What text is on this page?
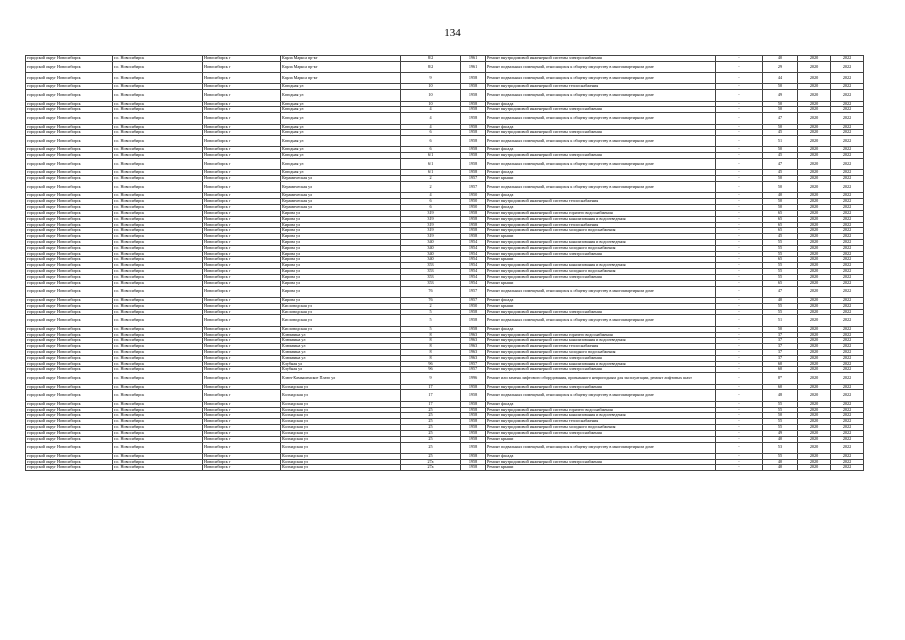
134
городской округ Новосибирск	г.о. Новосибирск	Новосибирск г	Карла Маркса пр-кт	8/2	1961	Ремонт внутридомовой инженерной системы электроснабжения	-	40	2020	2022
городской округ Новосибирск	г.о. Новосибирск	Новосибирск г	Карла Маркса пр-кт	8/2	1961	Ремонт подвальных помещений, относящихся к общему имуществу в многоквартирном доме	-	29	2020	2022
городской округ Новосибирск	г.о. Новосибирск	Новосибирск г	Карла Маркса пр-кт	9	1958	Ремонт подвальных помещений, относящихся к общему имуществу в многоквартирном доме	-	44	2020	2022
городской округ Новосибирск	г.о. Новосибирск	Новосибирск г	Катодная ул	10	1958	Ремонт внутридомовой инженерной системы теплоснабжения	-	50	2020	2022
городской округ Новосибирск	г.о. Новосибирск	Новосибирск г	Катодная ул	10	1958	Ремонт подвальных помещений, относящихся к общему имуществу в многоквартирном доме	-	49	2020	2022
городской округ Новосибирск	г.о. Новосибирск	Новосибирск г	Катодная ул	10	1958	Ремонт фасада	-	50	2020	2022
городской округ Новосибирск	г.о. Новосибирск	Новосибирск г	Катодная ул	4	1958	Ремонт внутридомовой инженерной системы электроснабжения	-	50	2020	2022
городской округ Новосибирск	г.о. Новосибирск	Новосибирск г	Катодная ул	4	1958	Ремонт подвальных помещений, относящихся к общему имуществу в многоквартирном доме	-	47	2020	2022
городской округ Новосибирск	г.о. Новосибирск	Новосибирск г	Катодная ул	4	1958	Ремонт фасада	-	50	2020	2022
городской округ Новосибирск	г.о. Новосибирск	Новосибирск г	Катодная ул	6	1958	Ремонт внутридомовой инженерной системы электроснабжения	-	45	2020	2022
городской округ Новосибирск	г.о. Новосибирск	Новосибирск г	Катодная ул	6	1958	Ремонт подвальных помещений, относящихся к общему имуществу в многоквартирном доме	-	51	2020	2022
городской округ Новосибирск	г.о. Новосибирск	Новосибирск г	Катодная ул	6	1958	Ремонт фасада	-	50	2020	2022
городской округ Новосибирск	г.о. Новосибирск	Новосибирск г	Катодная ул	6/1	1958	Ремонт внутридомовой инженерной системы электроснабжения	-	45	2020	2022
городской округ Новосибирск	г.о. Новосибирск	Новосибирск г	Катодная ул	6/1	1958	Ремонт подвальных помещений, относящихся к общему имуществу в многоквартирном доме	-	47	2020	2022
городской округ Новосибирск	г.о. Новосибирск	Новосибирск г	Катодная ул	6/1	1958	Ремонт фасада	-	45	2020	2022
городской округ Новосибирск	г.о. Новосибирск	Новосибирск г	Керамическая ул	2	1957	Ремонт крыши	-	50	2020	2022
городской округ Новосибирск	г.о. Новосибирск	Новосибирск г	Керамическая ул	2	1957	Ремонт подвальных помещений, относящихся к общему имуществу в многоквартирном доме	-	50	2020	2022
городской округ Новосибирск	г.о. Новосибирск	Новосибирск г	Керамическая ул	4	1950	Ремонт фасада	-	40	2020	2022
городской округ Новосибирск	г.о. Новосибирск	Новосибирск г	Керамическая ул	6	1950	Ремонт внутридомовой инженерной системы теплоснабжения	-	50	2020	2022
городской округ Новосибирск	г.о. Новосибирск	Новосибирск г	Керамическая ул	6	1950	Ремонт фасада	-	50	2020	2022
городской округ Новосибирск	г.о. Новосибирск	Новосибирск г	Кирова ул	319	1958	Ремонт внутридомовой инженерной системы горячего водоснабжения	-	65	2020	2022
городской округ Новосибирск	г.о. Новосибирск	Новосибирск г	Кирова ул	319	1958	Ремонт внутридомовой инженерной системы канализования и водоотведения	-	65	2020	2022
городской округ Новосибирск	г.о. Новосибирск	Новосибирск г	Кирова ул	319	1958	Ремонт внутридомовой инженерной системы теплоснабжения	-	65	2020	2022
городской округ Новосибирск	г.о. Новосибирск	Новосибирск г	Кирова ул	319	1958	Ремонт внутридомовой инженерной системы холодного водоснабжения	-	65	2020	2022
городской округ Новосибирск	г.о. Новосибирск	Новосибирск г	Кирова ул	319	1958	Ремонт крыши	-	45	2020	2022
городской округ Новосибирск	г.о. Новосибирск	Новосибирск г	Кирова ул	340	1954	Ремонт внутридомовой инженерной системы канализования и водоотведения	-	55	2020	2022
городской округ Новосибирск	г.о. Новосибирск	Новосибирск г	Кирова ул	340	1954	Ремонт внутридомовой инженерной системы холодного водоснабжения	-	55	2020	2022
городской округ Новосибирск	г.о. Новосибирск	Новосибирск г	Кирова ул	340	1954	Ремонт внутридомовой инженерной системы электроснабжения	-	55	2020	2022
городской округ Новосибирск	г.о. Новосибирск	Новосибирск г	Кирова ул	340	1954	Ремонт крыши	-	65	2020	2022
городской округ Новосибирск	г.о. Новосибирск	Новосибирск г	Кирова ул	353	1954	Ремонт внутридомовой инженерной системы канализования и водоотведения	-	55	2020	2022
городской округ Новосибирск	г.о. Новосибирск	Новосибирск г	Кирова ул	353	1954	Ремонт внутридомовой инженерной системы холодного водоснабжения	-	55	2020	2022
городской округ Новосибирск	г.о. Новосибирск	Новосибирск г	Кирова ул	353	1954	Ремонт внутридомовой инженерной системы электроснабжения	-	55	2020	2022
городской округ Новосибирск	г.о. Новосибирск	Новосибирск г	Кирова ул	353	1954	Ремонт крыши	-	65	2020	2022
городской округ Новосибирск	г.о. Новосибирск	Новосибирск г	Кирова ул	76	1957	Ремонт подвальных помещений, относящихся к общему имуществу в многоквартирном доме	-	47	2020	2022
городской округ Новосибирск	г.о. Новосибирск	Новосибирск г	Кирова ул	76	1957	Ремонт фасада	-	40	2020	2022
городской округ Новосибирск	г.о. Новосибирск	Новосибирск г	Кисловодская ул	2	1950	Ремонт крыши	-	55	2020	2022
городской округ Новосибирск	г.о. Новосибирск	Новосибирск г	Кисловодская ул	5	1958	Ремонт внутридомовой инженерной системы электроснабжения	-	55	2020	2022
городской округ Новосибирск	г.о. Новосибирск	Новосибирск г	Кисловодская ул	5	1958	Ремонт подвальных помещений, относящихся к общему имуществу в многоквартирном доме	-	51	2020	2022
городской округ Новосибирск	г.о. Новосибирск	Новосибирск г	Кисловодская ул	5	1958	Ремонт фасада	-	50	2020	2022
городской округ Новосибирск	г.о. Новосибирск	Новосибирск г	Клюквина ул	8	1963	Ремонт внутридомовой инженерной системы горячего водоснабжения	-	37	2020	2022
городской округ Новосибирск	г.о. Новосибирск	Новосибирск г	Клюквина ул	8	1963	Ремонт внутридомовой инженерной системы канализования и водоотведения	-	37	2020	2022
городской округ Новосибирск	г.о. Новосибирск	Новосибирск г	Клюквина ул	8	1963	Ремонт внутридомовой инженерной системы теплоснабжения	-	37	2020	2022
городской округ Новосибирск	г.о. Новосибирск	Новосибирск г	Клюквина ул	8	1963	Ремонт внутридомовой инженерной системы холодного водоснабжения	-	37	2020	2022
городской округ Новосибирск	г.о. Новосибирск	Новосибирск г	Клюквина ул	8	1963	Ремонт внутридомовой инженерной системы электроснабжения	-	37	2020	2022
городской округ Новосибирск	г.о. Новосибирск	Новосибирск г	Клубная ул	96	1957	Ремонт внутридомовой инженерной системы канализования и водоотведения	-	60	2020	2022
городской округ Новосибирск	г.о. Новосибирск	Новосибирск г	Клубная ул	96	1957	Ремонт внутридомовой инженерной системы электроснабжения	-	60	2020	2022
городской округ Новосибирск	г.о. Новосибирск	Новосибирск г	Ключ-Камышенское Плато ул	9	1996	Ремонт или замена лифтового оборудования, признанного непригодным для эксплуатации, ремонт лифтовых шахт	-	8*	2020	2022
городской округ Новосибирск	г.о. Новосибирск	Новосибирск г	Колхидская ул	17	1958	Ремонт внутридомовой инженерной системы электроснабжения	-	60	2020	2022
городской округ Новосибирск	г.о. Новосибирск	Новосибирск г	Колхидская ул	17	1958	Ремонт подвальных помещений, относящихся к общему имуществу в многоквартирном доме	-	48	2020	2022
городской округ Новосибирск	г.о. Новосибирск	Новосибирск г	Колхидская ул	17	1958	Ремонт фасада	-	55	2020	2022
городской округ Новосибирск	г.о. Новосибирск	Новосибирск г	Колхидская ул	25	1958	Ремонт внутридомовой инженерной системы горячего водоснабжения	-	55	2020	2022
городской округ Новосибирск	г.о. Новосибирск	Новосибирск г	Колхидская ул	25	1958	Ремонт внутридомовой инженерной системы канализования и водоотведения	-	50	2020	2022
городской округ Новосибирск	г.о. Новосибирск	Новосибирск г	Колхидская ул	25	1958	Ремонт внутридомовой инженерной системы теплоснабжения	-	55	2020	2022
городской округ Новосибирск	г.о. Новосибирск	Новосибирск г	Колхидская ул	25	1958	Ремонт внутридомовой инженерной системы холодного водоснабжения	-	55	2020	2022
городской округ Новосибирск	г.о. Новосибирск	Новосибирск г	Колхидская ул	25	1958	Ремонт внутридомовой инженерной системы электроснабжения	-	49	2020	2022
городской округ Новосибирск	г.о. Новосибирск	Новосибирск г	Колхидская ул	25	1958	Ремонт крыши	-	40	2020	2022
городской округ Новосибирск	г.о. Новосибирск	Новосибирск г	Колхидская ул	25	1958	Ремонт подвальных помещений, относящихся к общему имуществу в многоквартирном доме	-	53	2020	2022
городской округ Новосибирск	г.о. Новосибирск	Новосибирск г	Колхидская ул	25	1958	Ремонт фасада	-	55	2020	2022
городской округ Новосибирск	г.о. Новосибирск	Новосибирск г	Колхидская ул	27а	1958	Ремонт внутридомовой инженерной системы электроснабжения	-	40	2020	2022
городской округ Новосибирск	г.о. Новосибирск	Новосибирск г	Колхидская ул	27а	1958	Ремонт крыши	-	40	2020	2022
